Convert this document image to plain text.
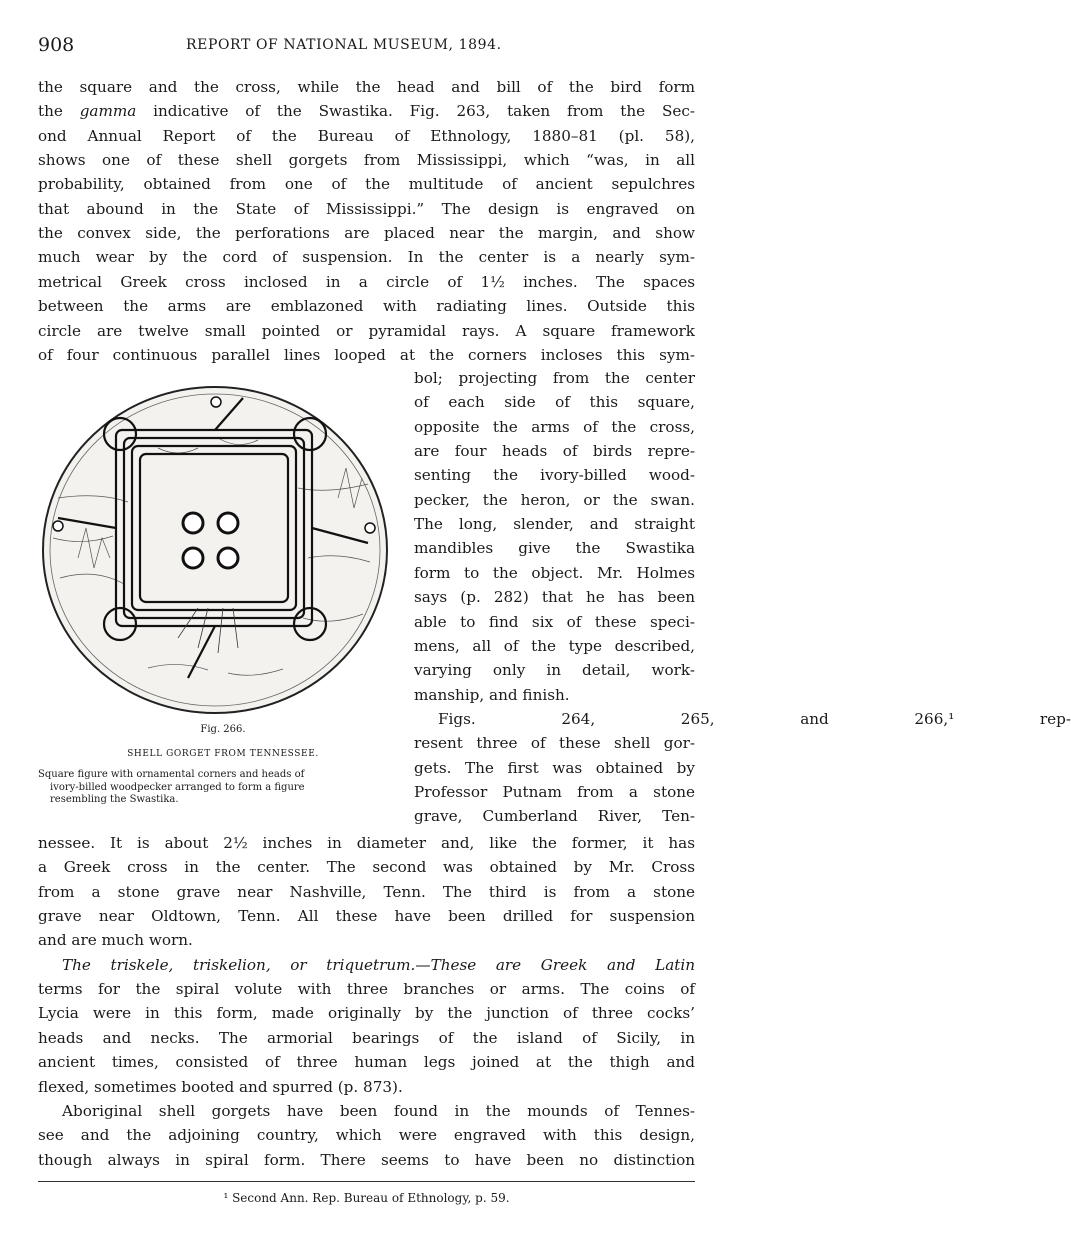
908	REPORT OF NATIONAL MUSEUM, 1894.
the square and the cross, while the head and bill of the bird form
the gamma indicative of the Swastika. Fig. 263, taken from the Sec-
ond Annual Report of the Bureau of Ethnology, 1880–81 (pl. 58),
shows one of these shell gorgets from Mississippi, which “was, in all
probability, obtained from one of the multitude of ancient sepulchres
that abound in the State of Mississippi.” The design is engraved on
the convex side, the perforations are placed near the margin, and show
much wear by the cord of suspension. In the center is a nearly sym-
metrical Greek cross inclosed in a circle of 1½ inches. The spaces
between the arms are emblazoned with radiating lines. Outside this
circle are twelve small pointed or pyramidal rays. A square framework
of four continuous parallel lines looped at the corners incloses this sym-
bol; projecting from the center
of each side of this square,
opposite the arms of the cross,
are four heads of birds repre-
senting the ivory-billed wood-
pecker, the heron, or the swan.
The long, slender, and straight
mandibles give the Swastika
form to the object. Mr. Holmes
says (p. 282) that he has been
able to find six of these speci-
mens, all of the type described,
varying only in detail, work-
manship, and finish.
Figs. 264, 265, and 266,¹ rep-
resent three of these shell gor-
gets. The first was obtained by
Professor Putnam from a stone
grave, Cumberland River, Ten-
nessee. It is about 2½ inches in diameter and, like the former, it has
a Greek cross in the center. The second was obtained by Mr. Cross
from a stone grave near Nashville, Tenn. The third is from a stone
grave near Oldtown, Tenn. All these have been drilled for suspension
and are much worn.
The triskele, triskelion, or triquetrum.—These are Greek and Latin
terms for the spiral volute with three branches or arms. The coins of
Lycia were in this form, made originally by the junction of three cocks’
heads and necks. The armorial bearings of the island of Sicily, in
ancient times, consisted of three human legs joined at the thigh and
flexed, sometimes booted and spurred (p. 873).
Aboriginal shell gorgets have been found in the mounds of Tennes-
see and the adjoining country, which were engraved with this design,
though always in spiral form. There seems to have been no distinction
Fig. 266.
SHELL GORGET FROM TENNESSEE.
Square figure with ornamental corners and heads of
ivory-billed woodpecker arranged to form a figure
resembling the Swastika.
¹ Second Ann. Rep. Bureau of Ethnology, p. 59.
